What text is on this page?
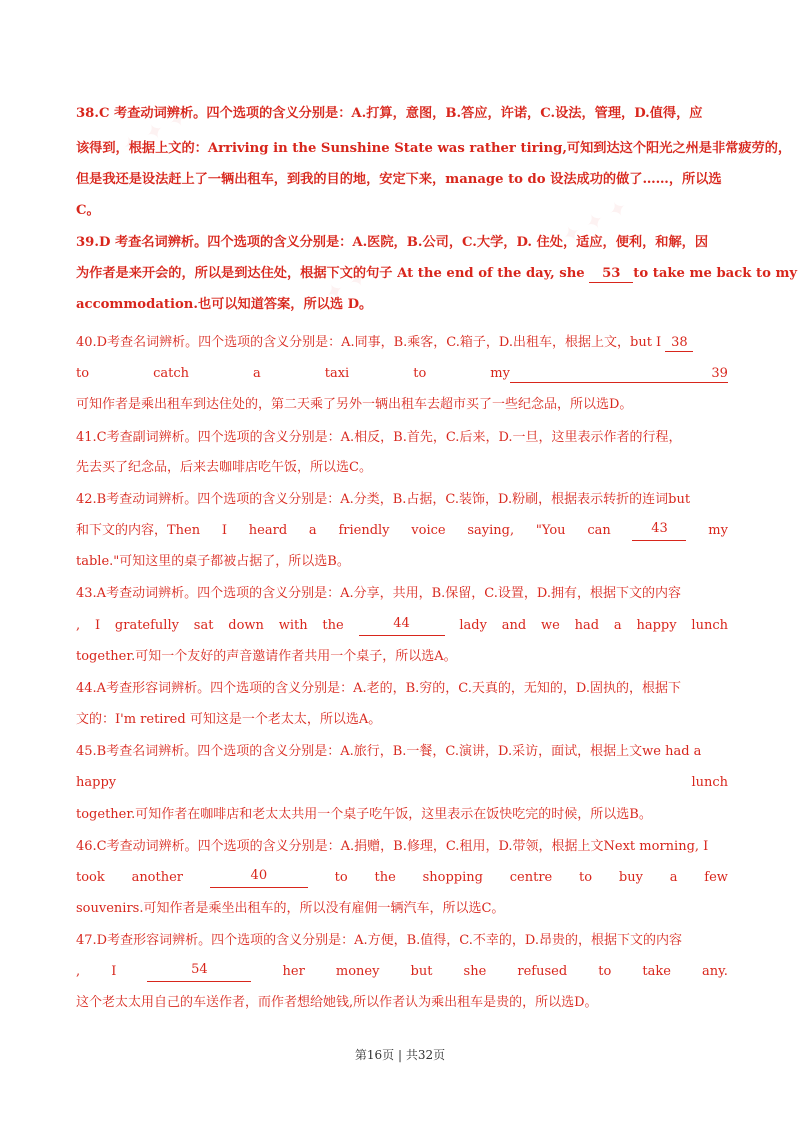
✦ ✦ ✦
✦ ✦ ✦
✦ ✦ ✦
38.C 考查动词辨析。四个选项的含义分别是：A.打算，意图，B.答应，许诺，C.设法，管理，D.值得，应
该得到，根据上文的：Arriving in the Sunshine State was rather tiring,可知到达这个阳光之州是非常疲劳的，
但是我还是设法赶上了一辆出租车，到我的目的地，安定下来，manage to do 设法成功的做了……，所以选
C。
39.D 考查名词辨析。四个选项的含义分别是：A.医院，B.公司，C.大学，D. 住处，适应，便利，和解，因
为作者是来开会的，所以是到达住处，根据下文的句子 At the end of the day, she 53 to take me back to my
accommodation.也可以知道答案，所以选 D。
40.D考查名词辨析。四个选项的含义分别是：A.同事，B.乘客，C.箱子，D.出租车，根据上文，but I 38
to	catch	a	taxi	to	my	39
可知作者是乘出租车到达住处的，第二天乘了另外一辆出租车去超市买了一些纪念品，所以选D。
41.C考查副词辨析。四个选项的含义分别是：A.相反，B.首先，C.后来，D.一旦，这里表示作者的行程，
先去买了纪念品，后来去咖啡店吃午饭，所以选C。
42.B考查动词辨析。四个选项的含义分别是：A.分类，B.占据，C.装饰，D.粉刷，根据表示转折的连词but
和下文的内容，Then I heard a friendly voice saying, "You can	43	my
table."可知这里的桌子都被占据了，所以选B。
43.A考查动词辨析。四个选项的含义分别是：A.分享，共用，B.保留，C.设置，D.拥有，根据下文的内容
, I gratefully sat down with the	44	lady and we had a happy lunch
together.可知一个友好的声音邀请作者共用一个桌子，所以选A。
44.A考查形容词辨析。四个选项的含义分别是：A.老的，B.穷的，C.天真的，无知的，D.固执的，根据下
文的：I'm retired 可知这是一个老太太，所以选A。
45.B考查名词辨析。四个选项的含义分别是：A.旅行，B.一餐，C.演讲，D.采访，面试，根据上文we had a
happy	lunch
together.可知作者在咖啡店和老太太共用一个桌子吃午饭，这里表示在饭快吃完的时候，所以选B。
46.C考查动词辨析。四个选项的含义分别是：A.捐赠，B.修理，C.租用，D.带领，根据上文Next morning, I
took another	40	to the shopping centre to buy a few
souvenirs.可知作者是乘坐出租车的，所以没有雇佣一辆汽车，所以选C。
47.D考查形容词辨析。四个选项的含义分别是：A.方便，B.值得，C.不幸的，D.昂贵的，根据下文的内容
, I	54	her money but she refused to take any.
这个老太太用自己的车送作者，而作者想给她钱,所以作者认为乘出租车是贵的，所以选D。
第16页 | 共32页
